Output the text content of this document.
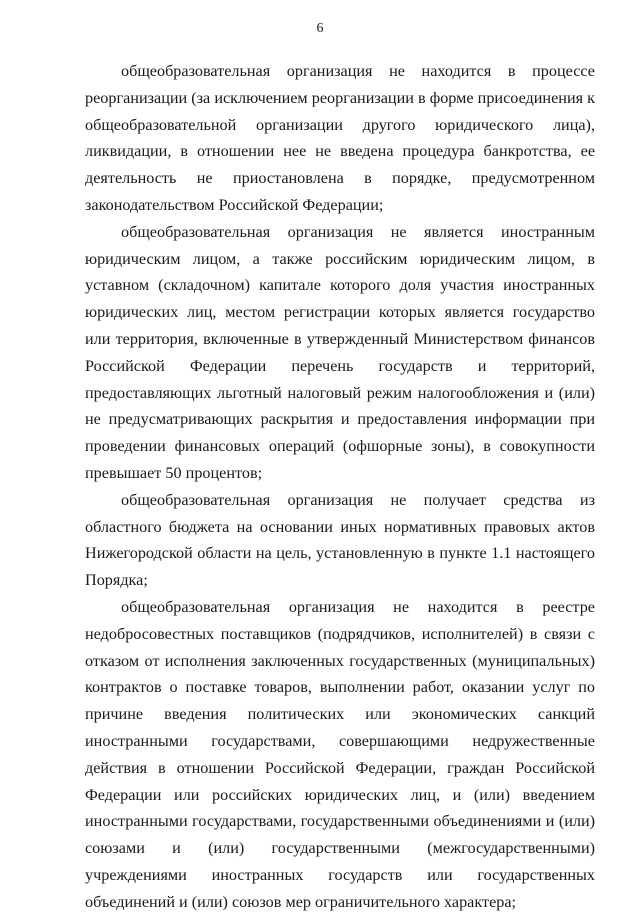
6

общеобразовательная организация не находится в процессе реорганизации (за исключением реорганизации в форме присоединения к общеобразовательной организации другого юридического лица), ликвидации, в отношении нее не введена процедура банкротства, ее деятельность не приостановлена в порядке, предусмотренном законодательством Российской Федерации;

общеобразовательная организация не является иностранным юридическим лицом, а также российским юридическим лицом, в уставном (складочном) капитале которого доля участия иностранных юридических лиц, местом регистрации которых является государство или территория, включенные в утвержденный Министерством финансов Российской Федерации перечень государств и территорий, предоставляющих льготный налоговый режим налогообложения и (или) не предусматривающих раскрытия и предоставления информации при проведении финансовых операций (офшорные зоны), в совокупности превышает 50 процентов;

общеобразовательная организация не получает средства из областного бюджета на основании иных нормативных правовых актов Нижегородской области на цель, установленную в пункте 1.1 настоящего Порядка;

общеобразовательная организация не находится в реестре недобросовестных поставщиков (подрядчиков, исполнителей) в связи с отказом от исполнения заключенных государственных (муниципальных) контрактов о поставке товаров, выполнении работ, оказании услуг по причине введения политических или экономических санкций иностранными государствами, совершающими недружественные действия в отношении Российской Федерации, граждан Российской Федерации или российских юридических лиц, и (или) введением иностранными государствами, государственными объединениями и (или) союзами и (или) государственными (межгосударственными) учреждениями иностранных государств или государственных объединений и (или) союзов мер ограничительного характера;
